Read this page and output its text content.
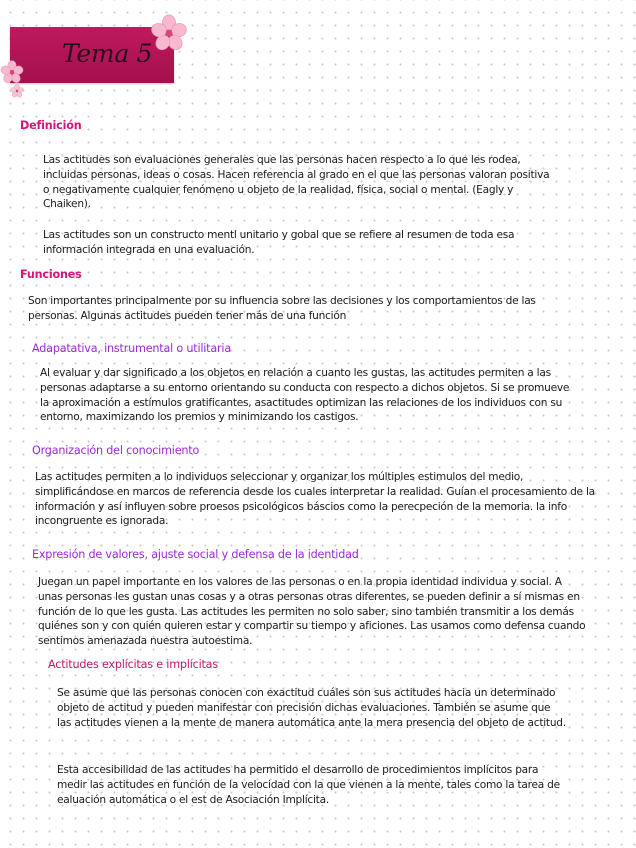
Tema 5
Definición

Las actitudes son evaluaciones generales que las personas hacen respecto a lo que les rodea, incluidas personas, ideas o cosas. Hacen referencia al grado en el que las personas valoran positiva o negativamente cualquier fenómeno u objeto de la realidad, física, social o mental. (Eagly y Chaiken).

Las actitudes son un constructo mentl unitario y gobal que se refiere al resumen de toda esa información integrada en una evaluación.

Funciones

Son importantes principalmente por su influencia sobre las decisiones y los comportamientos de las personas. Algunas actitudes pueden tener más de una función

Adapatativa, instrumental o utilitaria

Al evaluar y dar significado a los objetos en relación a cuanto les gustas, las actitudes permiten a las personas adaptarse a su entorno orientando su conducta con respecto a dichos objetos. Si se promueve la aproximación a estímulos gratificantes, asactitudes optimizan las relaciones de los individuos con su entorno, maximizando los premios y minimizando los castigos.

Organización del conocimiento

Las actitudes permiten a lo individuos seleccionar y organizar los múltiples estimulos del medio, simplificándose en marcos de referencia desde los cuales interpretar la realidad. Guían el procesamiento de la información y así influyen sobre proesos psicológicos báscios como la perecpeción de la memoria. la info incongruente es ignorada.

Expresión de valores, ajuste social y defensa de la identidad

Juegan un papel importante en los valores de las personas o en la propia identidad individua y social. A unas personas les gustan unas cosas y a otras personas otras diferentes, se pueden definir a sí mismas en función de lo que les gusta. Las actitudes les permiten no solo saber, sino también transmitir a los demás quiénes son y con quién quieren estar y compartir su tiempo y aficiones. Las usamos como defensa cuando sentimos amenazada nuestra autoestima.

Actitudes explícitas e implícitas

Se asume que las personas conocen con exactitud cuáles son sus actitudes hacia un determinado objeto de actitud y pueden manifestar con precisión dichas evaluaciones. También se asume que las actitudes vienen a la mente de manera automática ante la mera presencia del objeto de actitud.

Esta accesibilidad de las actitudes ha permitido el desarrollo de procedimientos implícitos para medir las actitudes en función de la velocidad con la que vienen a la mente, tales como la tarea de ealuación automática o el est de Asociación Implícita.
